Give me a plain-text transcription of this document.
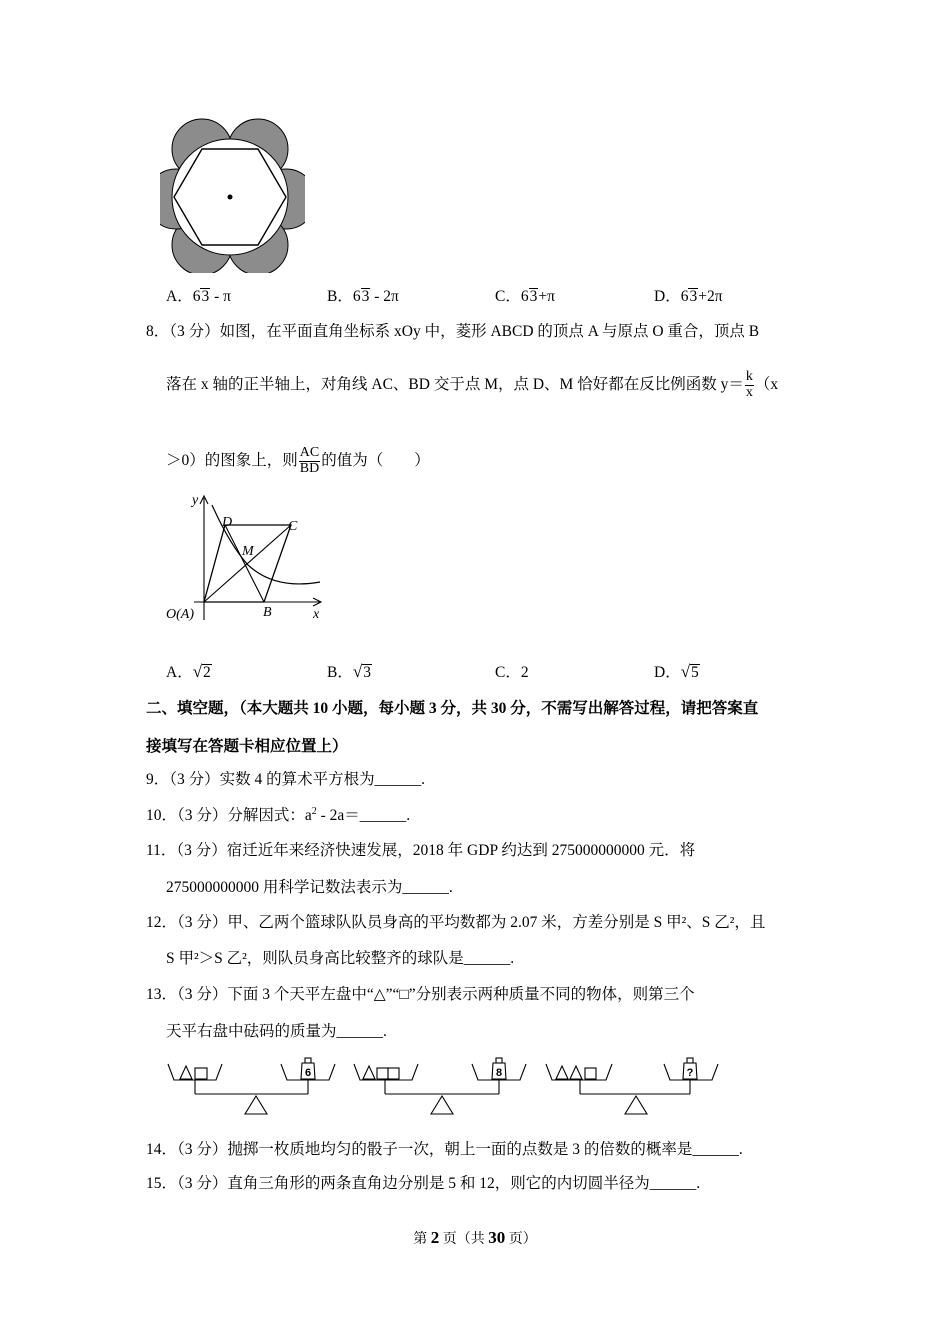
A．63 - π	B．63 - 2π	C．63+π	D．63+2π
8．（3 分）如图，在平面直角坐标系 xOy 中，菱形 ABCD 的顶点 A 与原点 O 重合，顶点 B
落在 x 轴的正半轴上，对角线 AC、BD 交于点 M，点 D、M 恰好都在反比例函数 $y= \frac{k}{x} (x$
＞0）的图象上，则 $\frac{AC}{BD}$ 的值为（　　）
y
x
D	C
M
O(A)	B
A．√2	B．√3	C．2	D．√5
二、填空题，（本大题共 10 小题，每小题 3 分，共 30 分，不需写出解答过程，请把答案直
接填写在答题卡相应位置上）
9．（3 分）实数 4 的算术平方根为______.
10．（3 分）分解因式：$a^2$ - 2a＝______.
11．（3 分）宿迁近年来经济快速发展，2018 年 GDP 约达到 275000000000 元．将
275000000000 用科学记数法表示为______.
12．（3 分）甲、乙两个篮球队队员身高的平均数都为 2.07 米，方差分别是 S 甲²、S 乙²，且
S 甲²＞S 乙²，则队员身高比较整齐的球队是______.
13．（3 分）下面 3 个天平左盘中“△”“□”分别表示两种质量不同的物体，则第三个
天平右盘中砝码的质量为______.
6	8	?
14．（3 分）抛掷一枚质地均匀的骰子一次，朝上一面的点数是 3 的倍数的概率是______.
15．（3 分）直角三角形的两条直角边分别是 5 和 12，则它的内切圆半径为______.
第 2 页（共 30 页）
